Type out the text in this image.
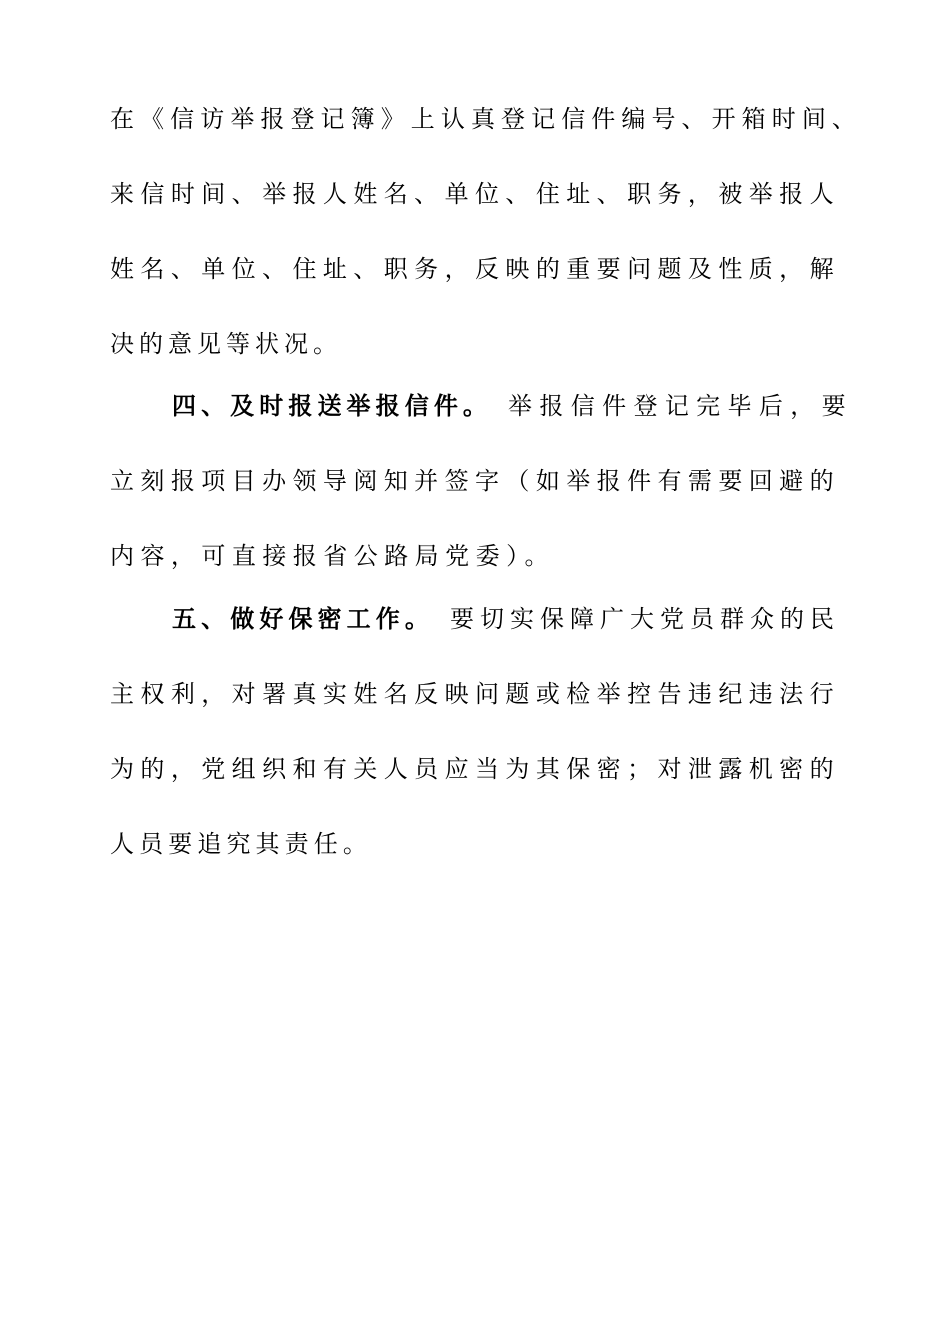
在《信访举报登记簿》上认真登记信件编号、开箱时间、
来信时间、举报人姓名、单位、住址、职务，被举报人
姓名、单位、住址、职务，反映的重要问题及性质，解
决的意见等状况。
四、及时报送举报信件。 举报信件登记完毕后，要
立刻报项目办领导阅知并签字（如举报件有需要回避的
内容，可直接报省公路局党委）。
五、做好保密工作。 要切实保障广大党员群众的民
主权利，对署真实姓名反映问题或检举控告违纪违法行
为的，党组织和有关人员应当为其保密；对泄露机密的
人员要追究其责任。
